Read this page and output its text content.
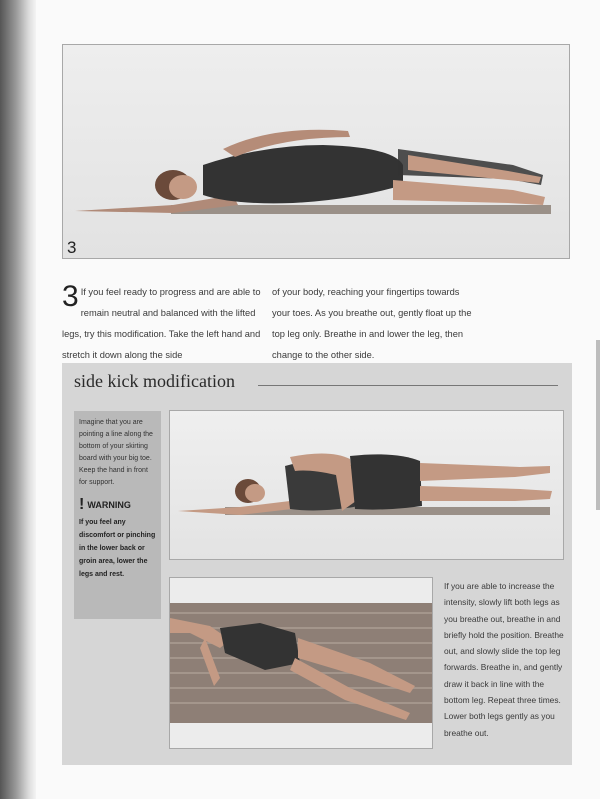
3
3 If you feel ready to progress and are able to remain neutral and balanced with the lifted legs, try this modification. Take the left hand and stretch it down along the side
of your body, reaching your fingertips towards your toes. As you breathe out, gently float up the top leg only. Breathe in and lower the leg, then change to the other side.
side kick modification
Imagine that you are pointing a line along the bottom of your skirting board with your big toe. Keep the hand in front for support.
! WARNING
If you feel any discomfort or pinching in the lower back or groin area, lower the legs and rest.
If you are able to increase the intensity, slowly lift both legs as you breathe out, breathe in and briefly hold the position. Breathe out, and slowly slide the top leg forwards. Breathe in, and gently draw it back in line with the bottom leg. Repeat three times. Lower both legs gently as you breathe out.
